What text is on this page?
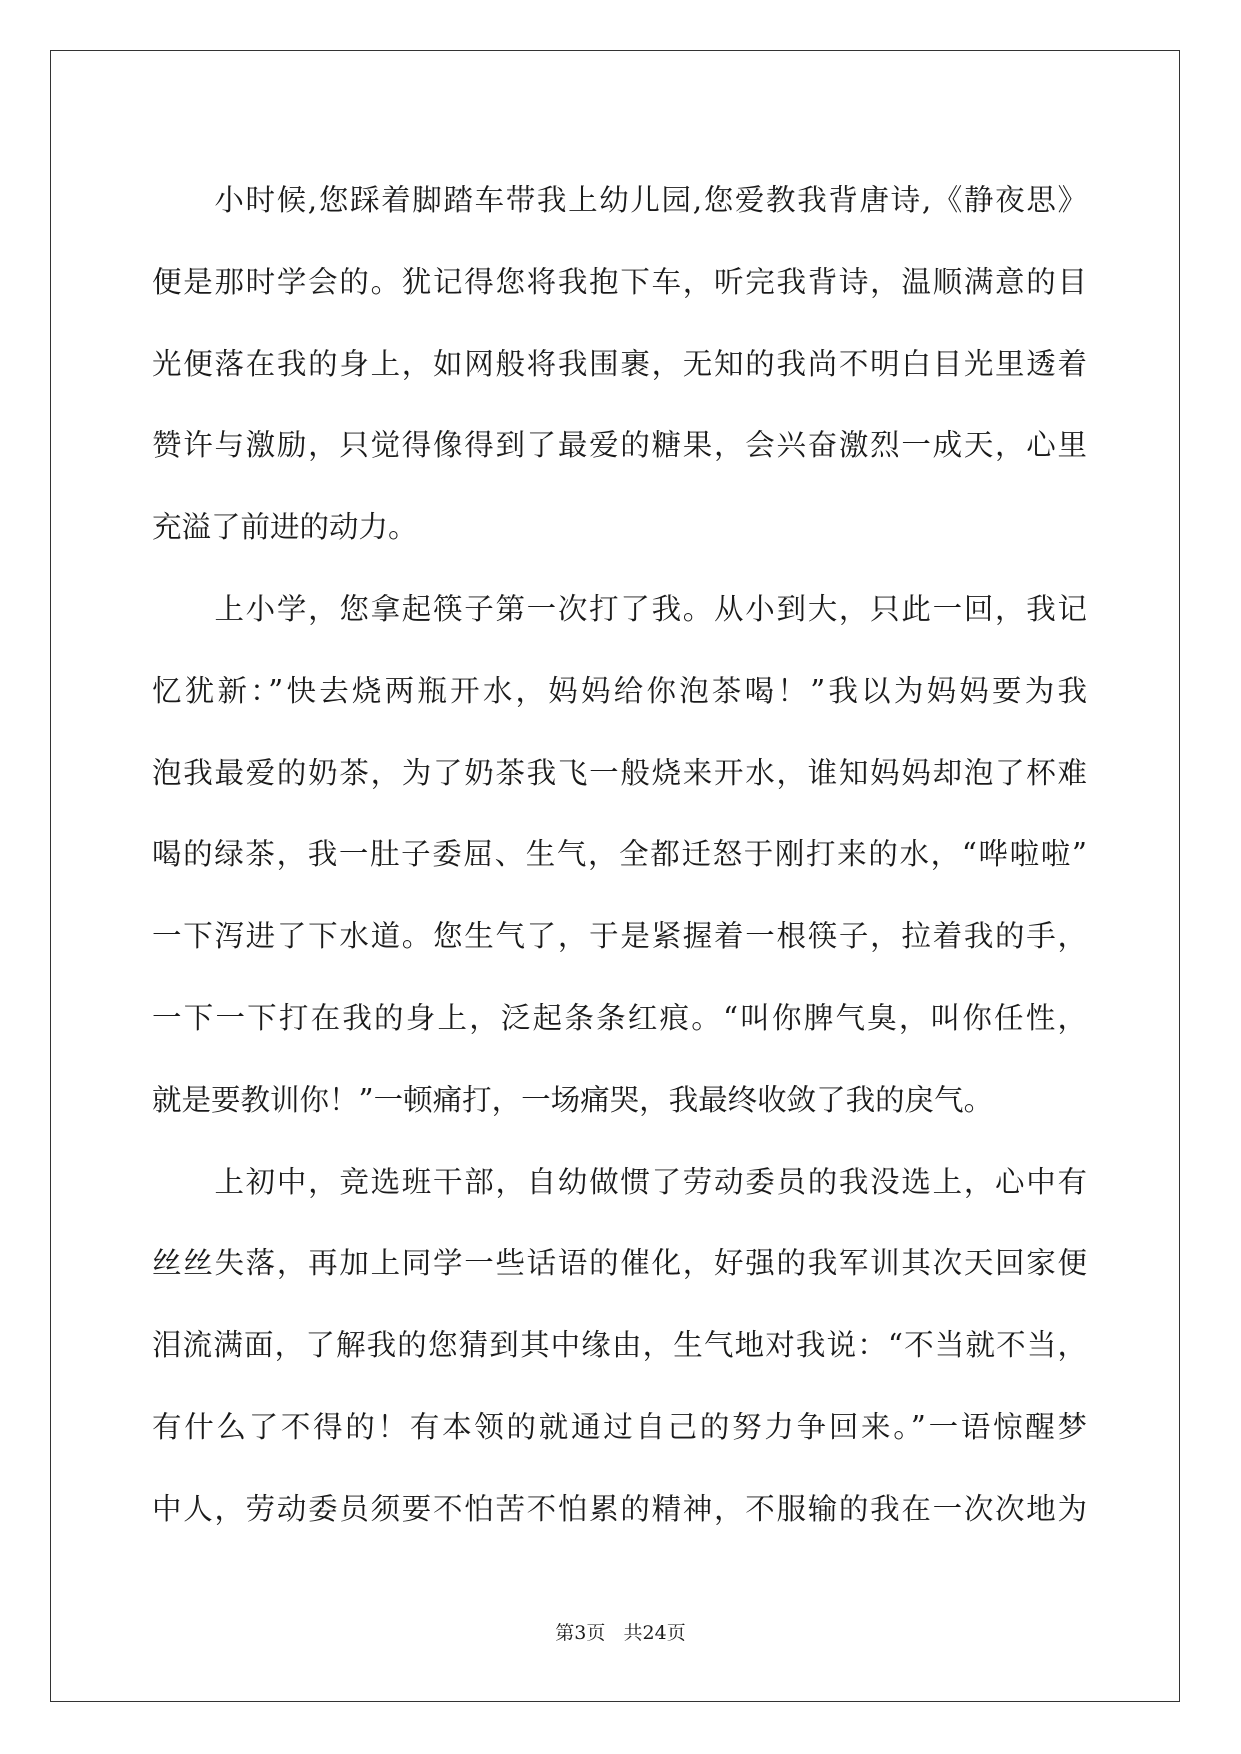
　　小时候,您踩着脚踏车带我上幼儿园,您爱教我背唐诗,《静夜思》
便是那时学会的。犹记得您将我抱下车，听完我背诗，温顺满意的目
光便落在我的身上，如网般将我围裹，无知的我尚不明白目光里透着
赞许与激励，只觉得像得到了最爱的糖果，会兴奋激烈一成天，心里
充溢了前进的动力。
　　上小学，您拿起筷子第一次打了我。从小到大，只此一回，我记
忆犹新：”快去烧两瓶开水，妈妈给你泡茶喝！”我以为妈妈要为我
泡我最爱的奶茶，为了奶茶我飞一般烧来开水，谁知妈妈却泡了杯难
喝的绿茶，我一肚子委屈、生气，全都迁怒于刚打来的水，“哗啦啦”
一下泻进了下水道。您生气了，于是紧握着一根筷子，拉着我的手，
一下一下打在我的身上，泛起条条红痕。“叫你脾气臭，叫你任性，
就是要教训你！”一顿痛打，一场痛哭，我最终收敛了我的戾气。
　　上初中，竞选班干部，自幼做惯了劳动委员的我没选上，心中有
丝丝失落，再加上同学一些话语的催化，好强的我军训其次天回家便
泪流满面，了解我的您猜到其中缘由，生气地对我说：“不当就不当，
有什么了不得的！有本领的就通过自己的努力争回来。”一语惊醒梦
中人，劳动委员须要不怕苦不怕累的精神，不服输的我在一次次地为
第3页 共24页
